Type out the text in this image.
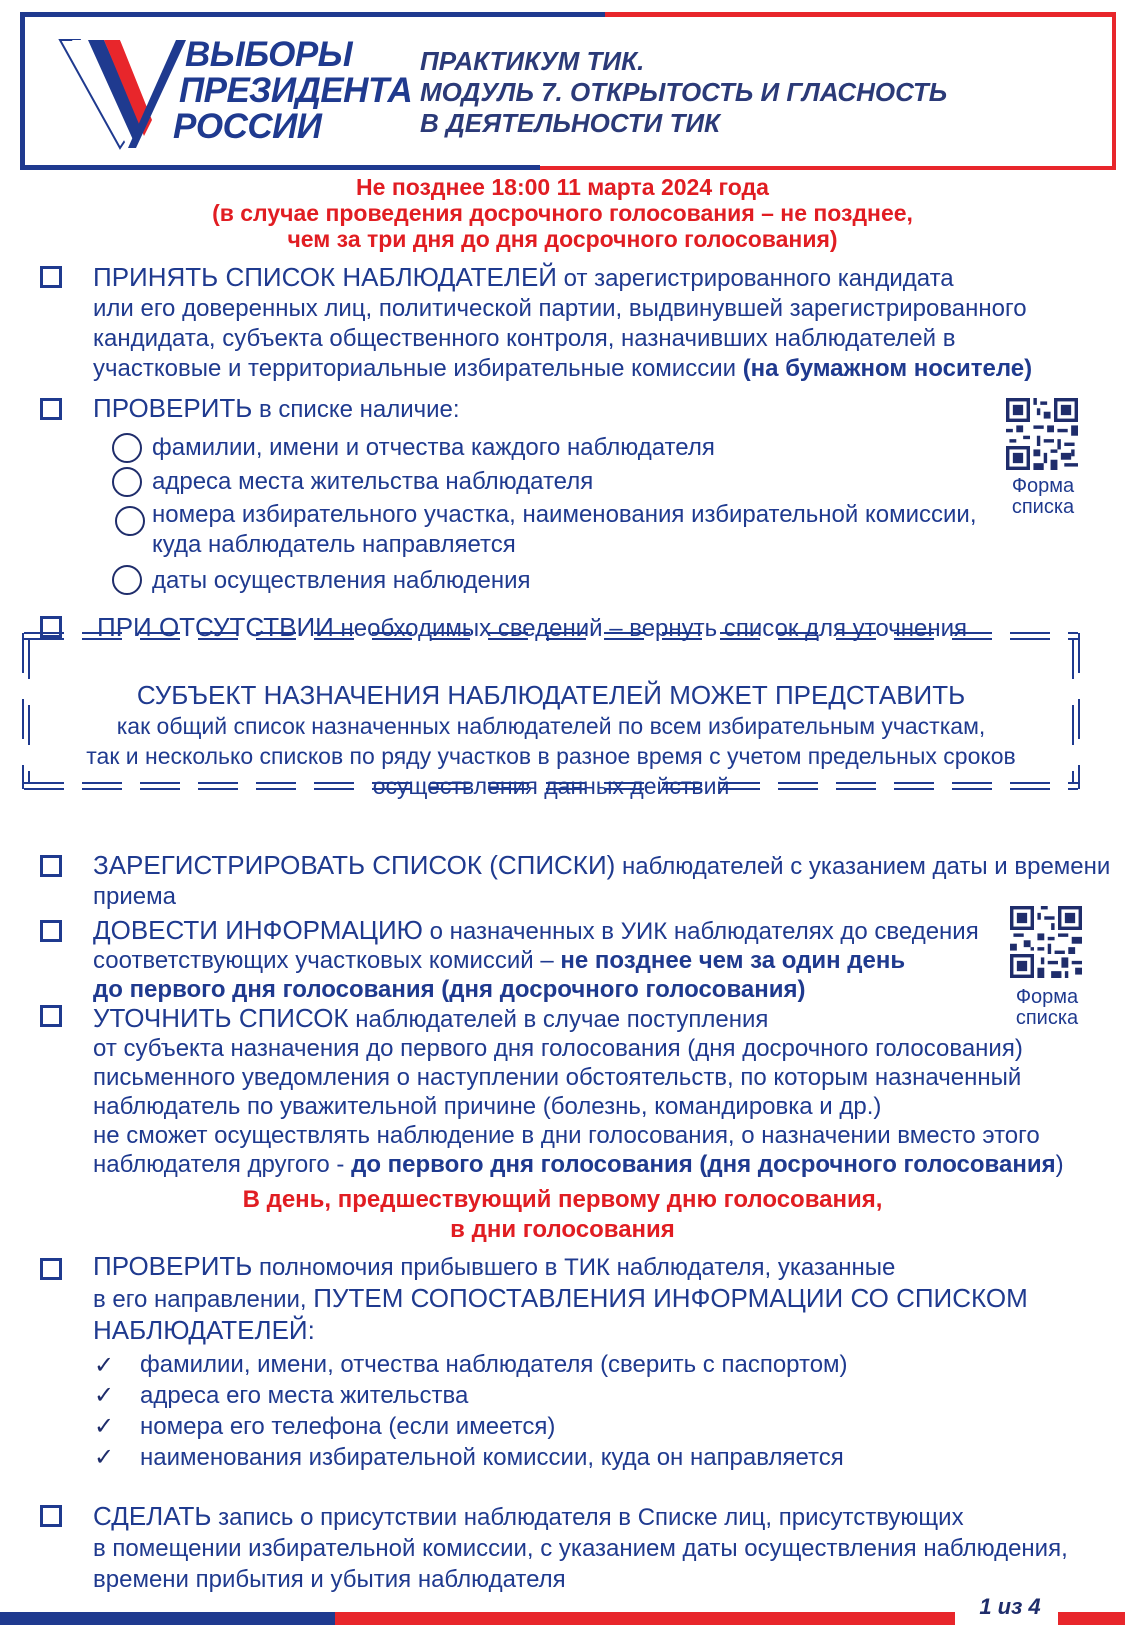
ВЫБОРЫ
ПРЕЗИДЕНТА
РОССИИ
ПРАКТИКУМ ТИК.
МОДУЛЬ 7. ОТКРЫТОСТЬ И ГЛАСНОСТЬ
В ДЕЯТЕЛЬНОСТИ ТИК
Не позднее 18:00 11 марта 2024 года
(в случае проведения досрочного голосования – не позднее,
чем за три дня до дня досрочного голосования)
ПРИНЯТЬ СПИСОК НАБЛЮДАТЕЛЕЙ от зарегистрированного кандидата
или его доверенных лиц, политической партии, выдвинувшей зарегистрированного
кандидата, субъекта общественного контроля, назначивших наблюдателей в
участковые и территориальные избирательные комиссии (на бумажном носителе)
ПРОВЕРИТЬ в списке наличие:
фамилии, имени и отчества каждого наблюдателя
адреса места жительства наблюдателя
номера избирательного участка, наименования избирательной комиссии,
куда наблюдатель направляется
даты осуществления наблюдения
Форма
списка
ПРИ ОТСУТСТВИИ необходимых сведений – вернуть список для уточнения
СУБЪЕКТ НАЗНАЧЕНИЯ НАБЛЮДАТЕЛЕЙ МОЖЕТ ПРЕДСТАВИТЬ
как общий список назначенных наблюдателей по всем избирательным участкам,
так и несколько списков по ряду участков в разное время с учетом предельных сроков
осуществления данных действий
ЗАРЕГИСТРИРОВАТЬ СПИСОК (СПИСКИ) наблюдателей с указанием даты и времени
приема
ДОВЕСТИ ИНФОРМАЦИЮ о назначенных в УИК наблюдателях до сведения
соответствующих участковых комиссий – не позднее чем за один день
до первого дня голосования (дня досрочного голосования)	Форма
списка
УТОЧНИТЬ СПИСОК наблюдателей в случае поступления
от субъекта назначения до первого дня голосования (дня досрочного голосования)
письменного уведомления о наступлении обстоятельств, по которым назначенный
наблюдатель по уважительной причине (болезнь, командировка и др.)
не сможет осуществлять наблюдение в дни голосования, о назначении вместо этого
наблюдателя другого - до первого дня голосования (дня досрочного голосования)
В день, предшествующий первому дню голосования,
в дни голосования
ПРОВЕРИТЬ полномочия прибывшего в ТИК наблюдателя, указанные
в его направлении, ПУТЕМ СОПОСТАВЛЕНИЯ ИНФОРМАЦИИ СО СПИСКОМ
НАБЛЮДАТЕЛЕЙ:
✓ фамилии, имени, отчества наблюдателя (сверить с паспортом)
✓ адреса его места жительства
✓ номера его телефона (если имеется)
✓ наименования избирательной комиссии, куда он направляется
СДЕЛАТЬ запись о присутствии наблюдателя в Списке лиц, присутствующих
в помещении избирательной комиссии, с указанием даты осуществления наблюдения,
времени прибытия и убытия наблюдателя
1 из 4
